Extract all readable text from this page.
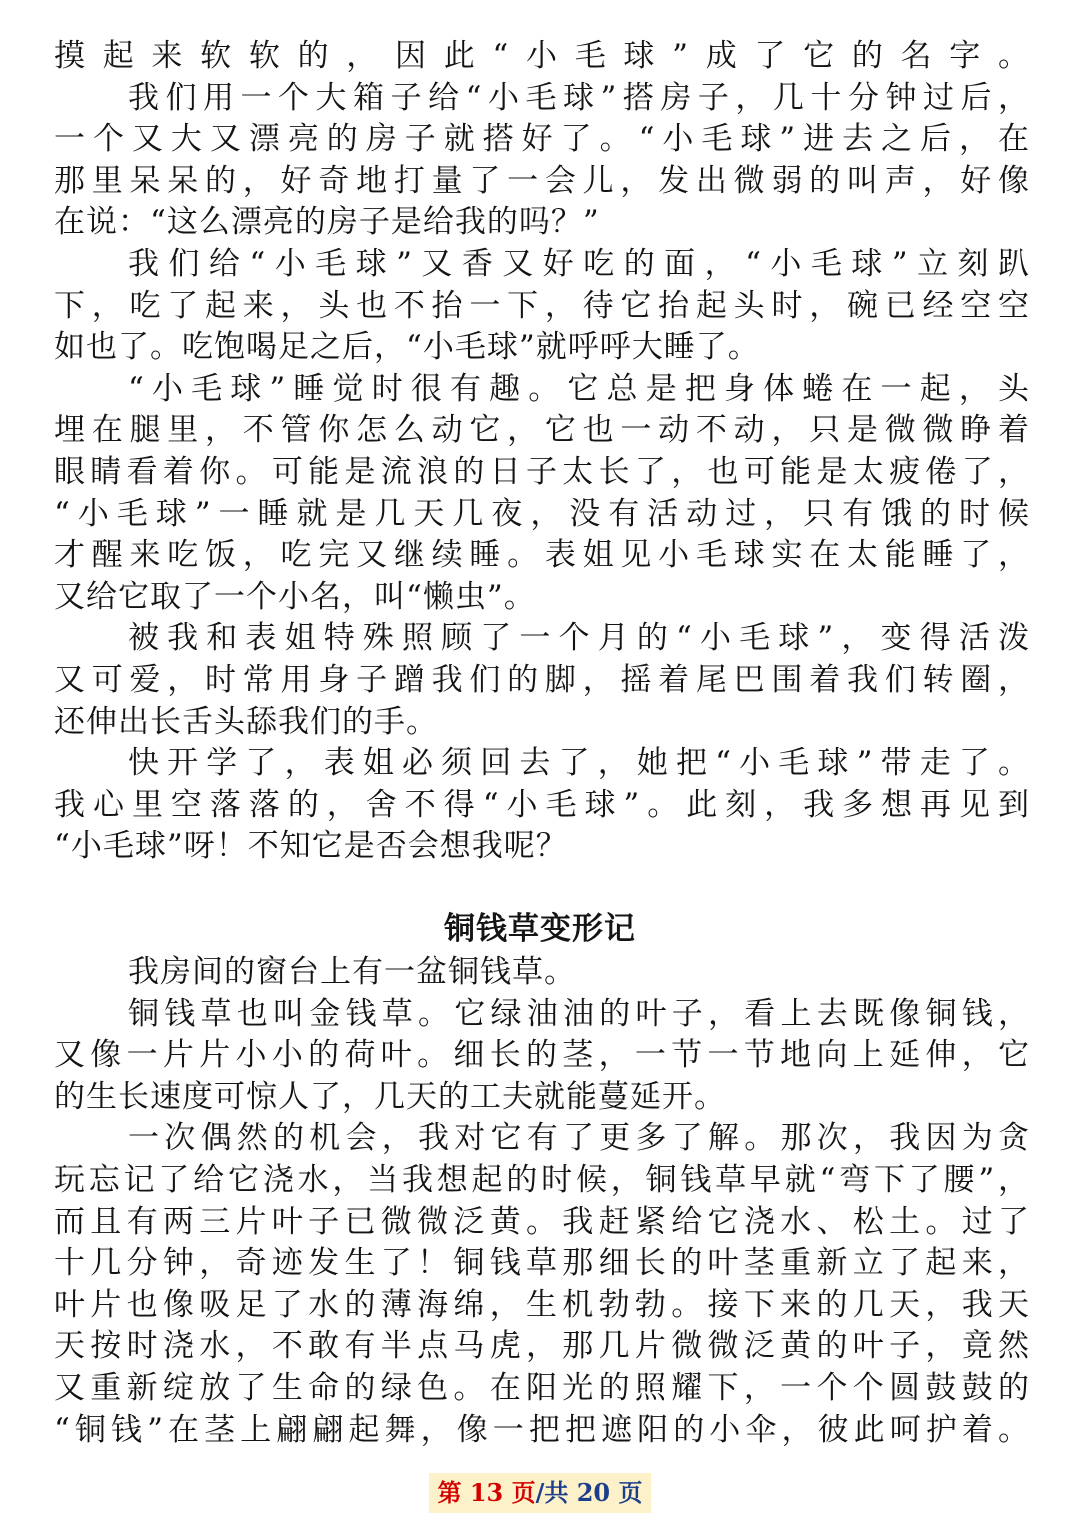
摸起来软软的，因此“小毛球”成了它的名字。
我们用一个大箱子给“小毛球”搭房子，几十分钟过后，
一个又大又漂亮的房子就搭好了。“小毛球”进去之后，在
那里呆呆的，好奇地打量了一会儿，发出微弱的叫声，好像
在说：“这么漂亮的房子是给我的吗？”
我们给“小毛球”又香又好吃的面，“小毛球”立刻趴
下，吃了起来，头也不抬一下，待它抬起头时，碗已经空空
如也了。吃饱喝足之后，“小毛球”就呼呼大睡了。
“小毛球”睡觉时很有趣。它总是把身体蜷在一起，头
埋在腿里，不管你怎么动它，它也一动不动，只是微微睁着
眼睛看着你。可能是流浪的日子太长了，也可能是太疲倦了，
“小毛球”一睡就是几天几夜，没有活动过，只有饿的时候
才醒来吃饭，吃完又继续睡。表姐见小毛球实在太能睡了，
又给它取了一个小名，叫“懒虫”。
被我和表姐特殊照顾了一个月的“小毛球”，变得活泼
又可爱，时常用身子蹭我们的脚，摇着尾巴围着我们转圈，
还伸出长舌头舔我们的手。
快开学了，表姐必须回去了，她把“小毛球”带走了。
我心里空落落的，舍不得“小毛球”。此刻，我多想再见到
“小毛球”呀！不知它是否会想我呢？
铜钱草变形记
我房间的窗台上有一盆铜钱草。
铜钱草也叫金钱草。它绿油油的叶子，看上去既像铜钱，
又像一片片小小的荷叶。细长的茎，一节一节地向上延伸，它
的生长速度可惊人了，几天的工夫就能蔓延开。
一次偶然的机会，我对它有了更多了解。那次，我因为贪
玩忘记了给它浇水，当我想起的时候，铜钱草早就“弯下了腰”，
而且有两三片叶子已微微泛黄。我赶紧给它浇水、松土。过了
十几分钟，奇迹发生了！铜钱草那细长的叶茎重新立了起来，
叶片也像吸足了水的薄海绵，生机勃勃。接下来的几天，我天
天按时浇水，不敢有半点马虎，那几片微微泛黄的叶子，竟然
又重新绽放了生命的绿色。在阳光的照耀下，一个个圆鼓鼓的
“铜钱”在茎上翩翩起舞，像一把把遮阳的小伞，彼此呵护着。
第 13 页/共 20 页
